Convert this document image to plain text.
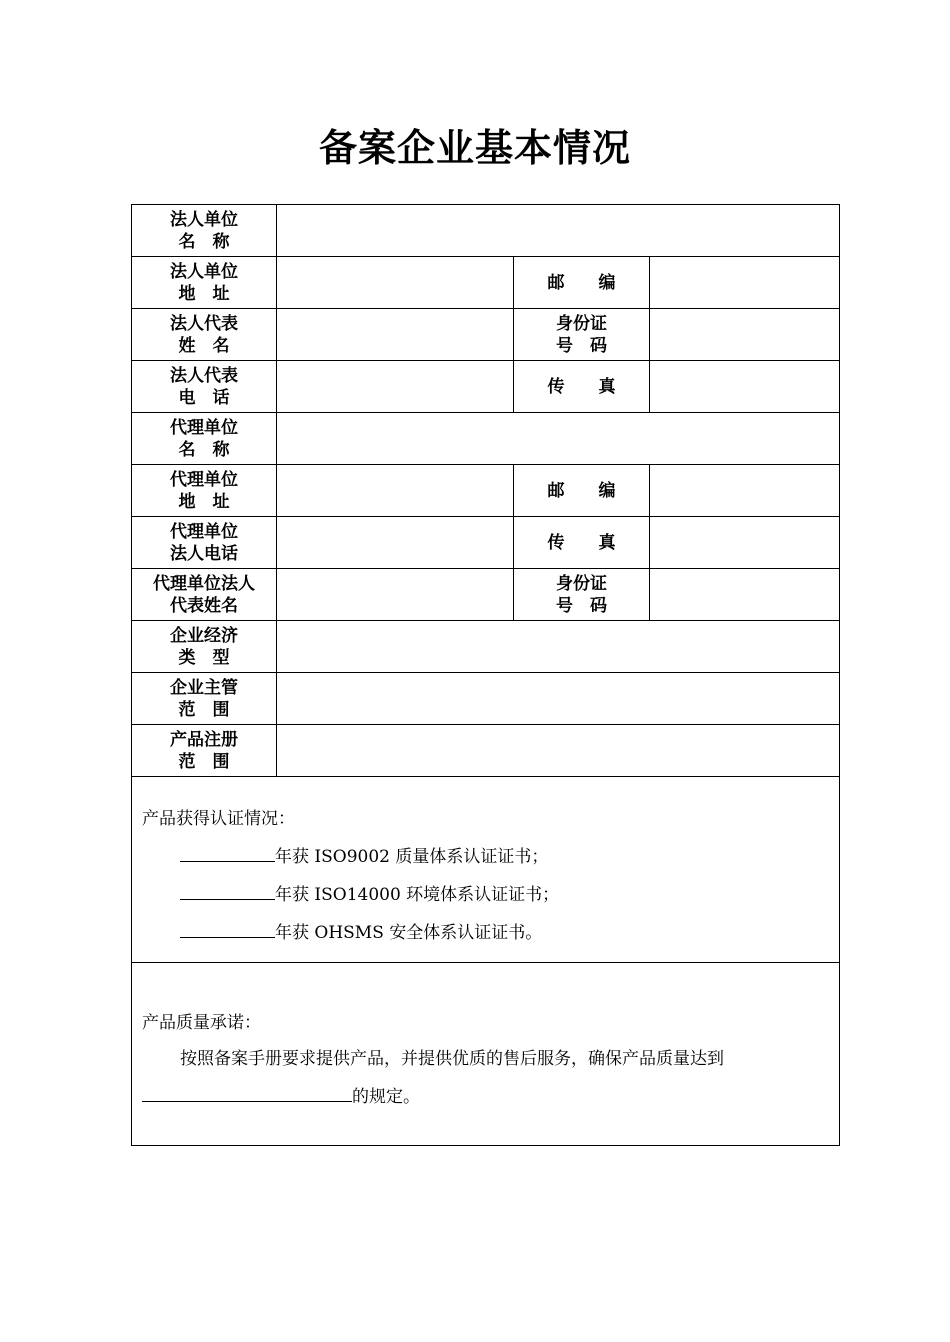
备案企业基本情况
法人单位
名　称			

法人单位
地　址		邮　　编	

法人代表
姓　名		身份证
号　码	

法人代表
电　话		传　　真	

代理单位
名　称			

代理单位
地　址		邮　　编	

代理单位
法人电话		传　　真	

代理单位法人
代表姓名		身份证
号　码	

企业经济
类　型			

企业主管
范　围			

产品注册
范　围			

产品获得认证情况：
年获 ISO9002 质量体系认证证书；
年获 ISO14000 环境体系认证证书；
年获 OHSMS 安全体系认证证书。			

产品质量承诺：
按照备案手册要求提供产品，并提供优质的售后服务，确保产品质量达到
的规定。			
